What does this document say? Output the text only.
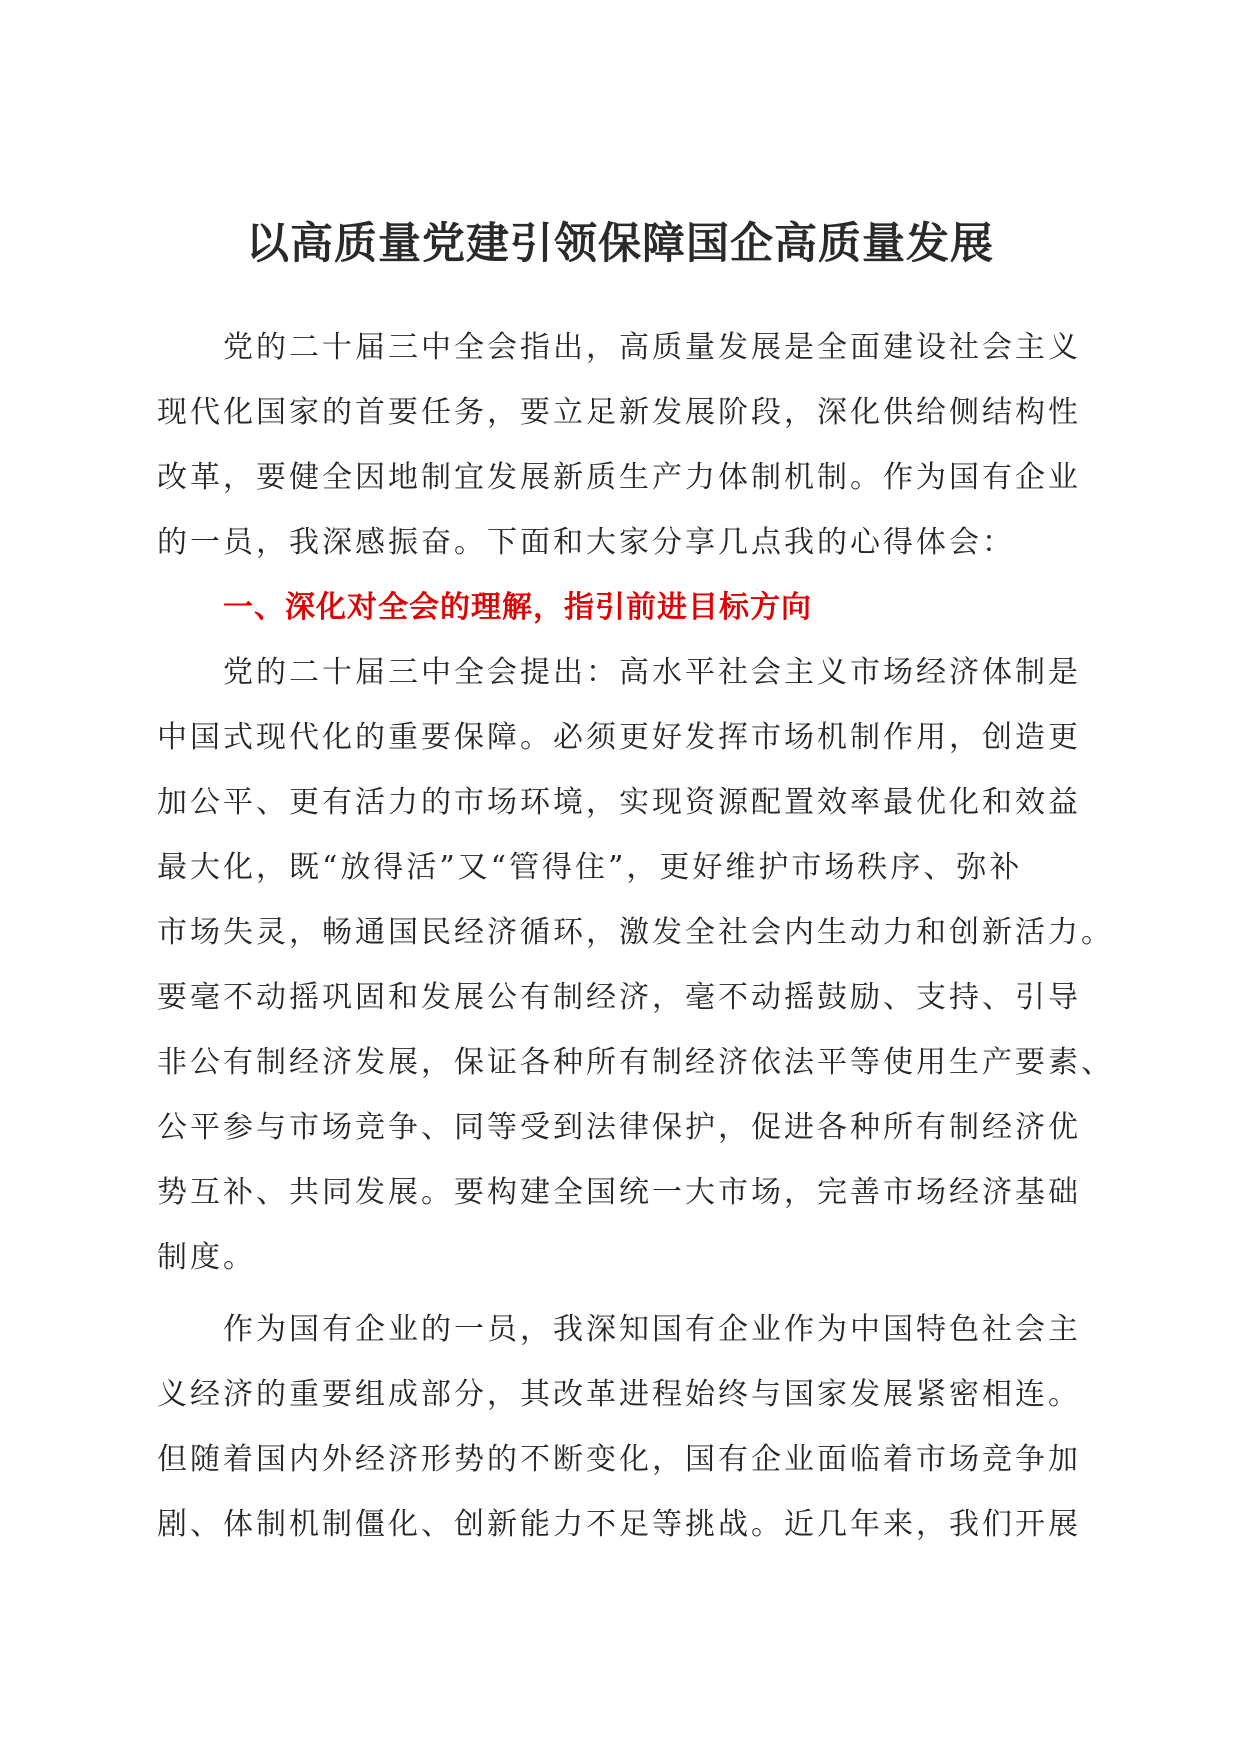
以高质量党建引领保障国企高质量发展
党的二十届三中全会指出，高质量发展是全面建设社会主义
现代化国家的首要任务，要立足新发展阶段，深化供给侧结构性
改革，要健全因地制宜发展新质生产力体制机制。作为国有企业
的一员，我深感振奋。下面和大家分享几点我的心得体会：
一、深化对全会的理解，指引前进目标方向
党的二十届三中全会提出：高水平社会主义市场经济体制是
中国式现代化的重要保障。必须更好发挥市场机制作用，创造更
加公平、更有活力的市场环境，实现资源配置效率最优化和效益
最大化，既“放得活”又“管得住”，更好维护市场秩序、弥补
市场失灵，畅通国民经济循环，激发全社会内生动力和创新活力。
要毫不动摇巩固和发展公有制经济，毫不动摇鼓励、支持、引导
非公有制经济发展，保证各种所有制经济依法平等使用生产要素、
公平参与市场竞争、同等受到法律保护，促进各种所有制经济优
势互补、共同发展。要构建全国统一大市场，完善市场经济基础
制度。
作为国有企业的一员，我深知国有企业作为中国特色社会主
义经济的重要组成部分，其改革进程始终与国家发展紧密相连。
但随着国内外经济形势的不断变化，国有企业面临着市场竞争加
剧、体制机制僵化、创新能力不足等挑战。近几年来，我们开展
